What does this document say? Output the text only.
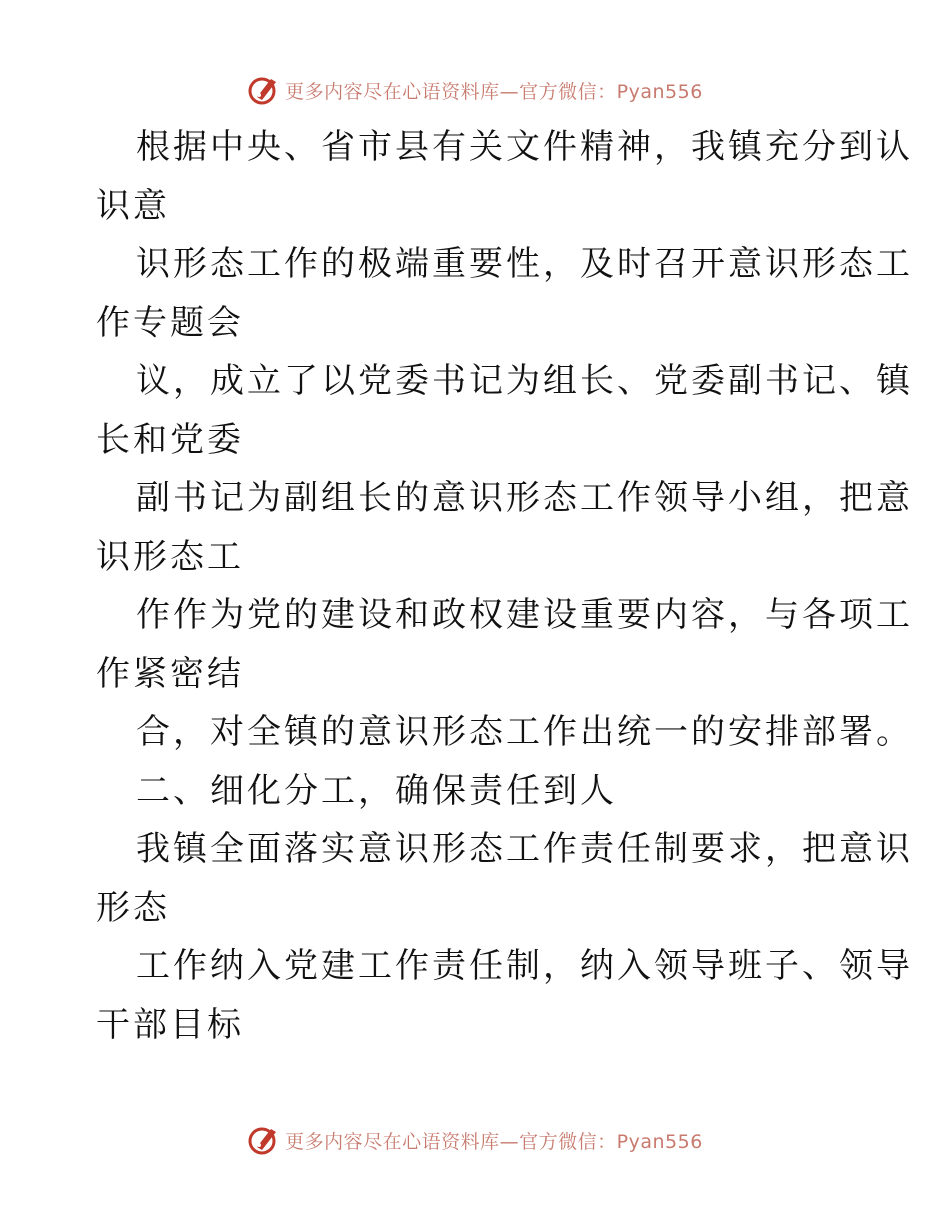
更多内容尽在心语资料库—官方微信：Pyan556
根据中央、省市县有关文件精神，我镇充分到认
识意
识形态工作的极端重要性，及时召开意识形态工
作专题会
议，成立了以党委书记为组长、党委副书记、镇
长和党委
副书记为副组长的意识形态工作领导小组，把意
识形态工
作作为党的建设和政权建设重要内容，与各项工
作紧密结
合，对全镇的意识形态工作出统一的安排部署。
二、细化分工，确保责任到人
我镇全面落实意识形态工作责任制要求，把意识
形态
工作纳入党建工作责任制，纳入领导班子、领导
干部目标
更多内容尽在心语资料库—官方微信：Pyan556
